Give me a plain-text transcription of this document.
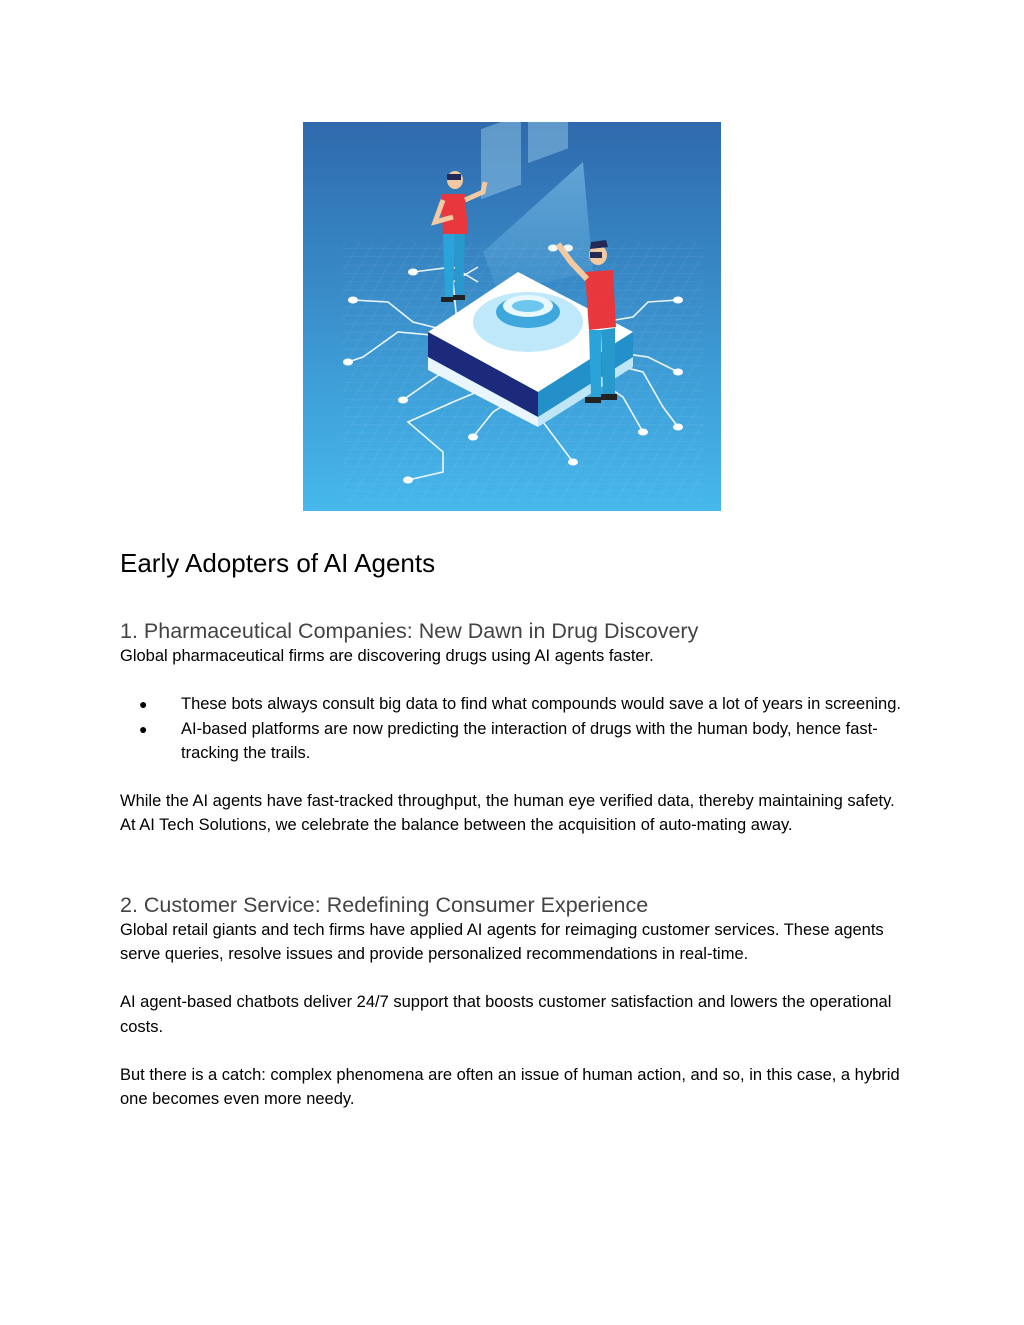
Early Adopters of AI Agents
1. Pharmaceutical Companies: New Dawn in Drug Discovery

Global pharmaceutical firms are discovering drugs using AI agents faster.

● These bots always consult big data to find what compounds would save a lot of years in screening.
● AI-based platforms are now predicting the interaction of drugs with the human body, hence fast-tracking the trails.

While the AI agents have fast-tracked throughput, the human eye verified data, thereby maintaining safety. At AI Tech Solutions, we celebrate the balance between the acquisition of auto-mating away.

2. Customer Service: Redefining Consumer Experience

Global retail giants and tech firms have applied AI agents for reimaging customer services. These agents serve queries, resolve issues and provide personalized recommendations in real-time.

AI agent-based chatbots deliver 24/7 support that boosts customer satisfaction and lowers the operational costs.

But there is a catch: complex phenomena are often an issue of human action, and so, in this case, a hybrid one becomes even more needy.
